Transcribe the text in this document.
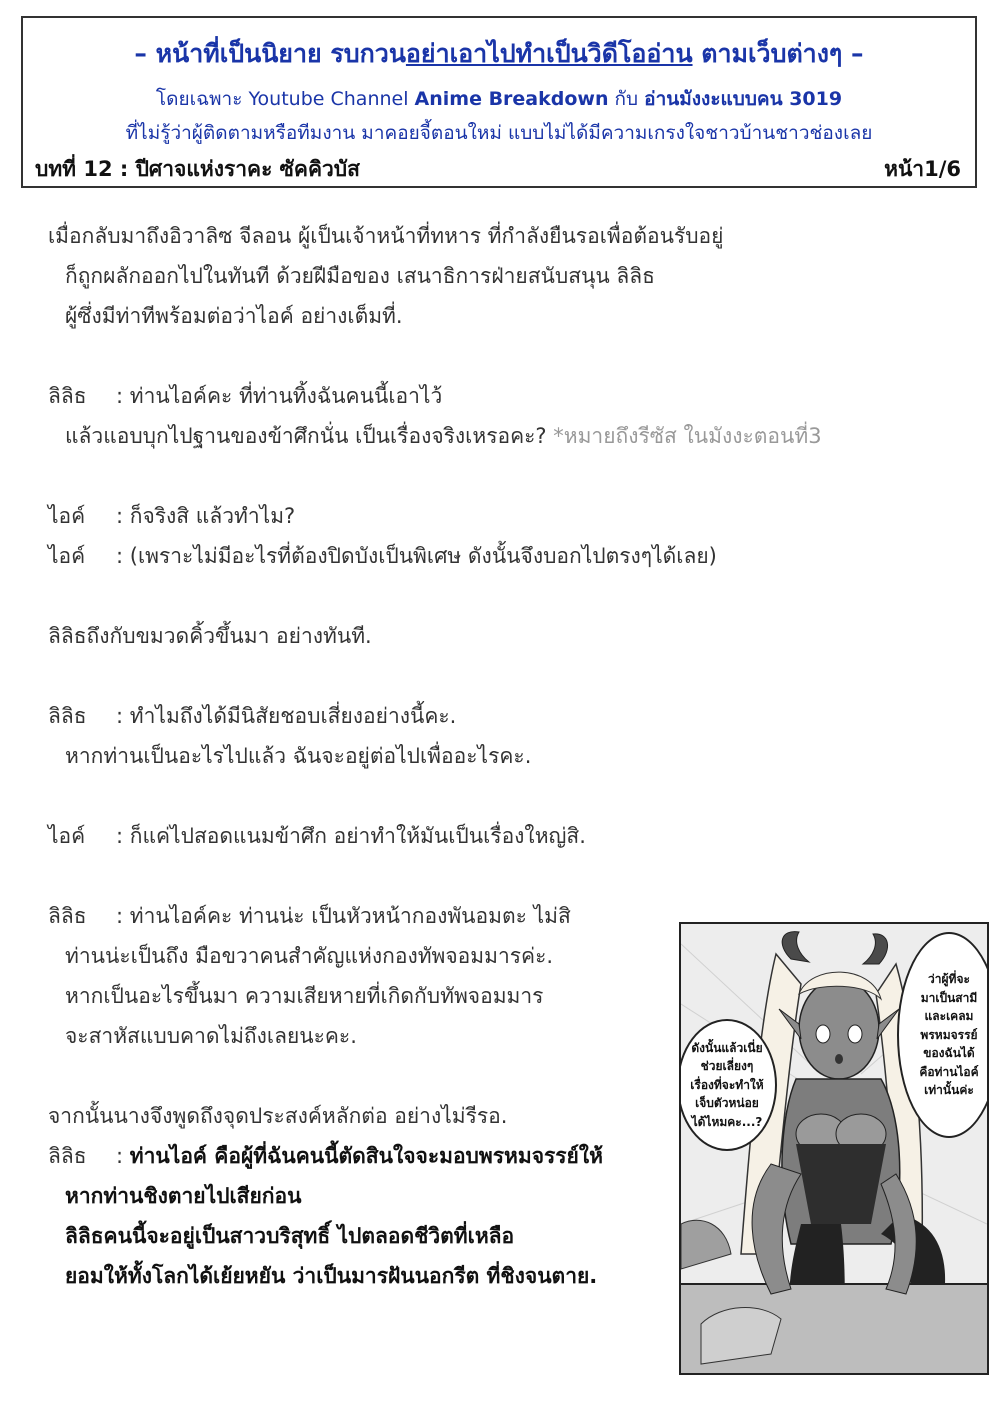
– หน้าที่เป็นนิยาย รบกวนอย่าเอาไปทำเป็นวิดีโออ่าน ตามเว็บต่างๆ –
โดยเฉพาะ Youtube Channel Anime Breakdown กับ อ่านมังงะแบบคน 3019
ที่ไม่รู้ว่าผู้ติดตามหรือทีมงาน มาคอยจี้ตอนใหม่ แบบไม่ได้มีความเกรงใจชาวบ้านชาวช่องเลย
บทที่ 12 : ปีศาจแห่งราคะ ซัคคิวบัส	หน้า1/6
เมื่อกลับมาถึงอิวาลิซ จีลอน ผู้เป็นเจ้าหน้าที่ทหาร ที่กำลังยืนรอเพื่อต้อนรับอยู่
ก็ถูกผลักออกไปในทันที ด้วยฝีมือของ เสนาธิการฝ่ายสนับสนุน ลิลิธ
ผู้ซึ่งมีท่าทีพร้อมต่อว่าไอค์ อย่างเต็มที่.
ลิลิธ : ท่านไอค์คะ ที่ท่านทิ้งฉันคนนี้เอาไว้
แล้วแอบบุกไปฐานของข้าศึกนั่น เป็นเรื่องจริงเหรอคะ? *หมายถึงรีซัส ในมังงะตอนที่3
ไอค์ : ก็จริงสิ แล้วทำไม?
ไอค์ : (เพราะไม่มีอะไรที่ต้องปิดบังเป็นพิเศษ ดังนั้นจึงบอกไปตรงๆได้เลย)
ลิลิธถึงกับขมวดคิ้วขึ้นมา อย่างทันที.
ลิลิธ : ทำไมถึงได้มีนิสัยชอบเสี่ยงอย่างนี้คะ.
หากท่านเป็นอะไรไปแล้ว ฉันจะอยู่ต่อไปเพื่ออะไรคะ.
ไอค์ : ก็แค่ไปสอดแนมข้าศึก อย่าทำให้มันเป็นเรื่องใหญ่สิ.
ลิลิธ : ท่านไอค์คะ ท่านน่ะ เป็นหัวหน้ากองพันอมตะ ไม่สิ
ท่านน่ะเป็นถึง มือขวาคนสำคัญแห่งกองทัพจอมมารค่ะ.
หากเป็นอะไรขึ้นมา ความเสียหายที่เกิดกับทัพจอมมาร
จะสาหัสแบบคาดไม่ถึงเลยนะคะ.
จากนั้นนางจึงพูดถึงจุดประสงค์หลักต่อ อย่างไม่รีรอ.
ลิลิธ : ท่านไอค์ คือผู้ที่ฉันคนนี้ตัดสินใจจะมอบพรหมจรรย์ให้
หากท่านชิงตายไปเสียก่อน
ลิลิธคนนี้จะอยู่เป็นสาวบริสุทธิ์ ไปตลอดชีวิตที่เหลือ
ยอมให้ทั้งโลกได้เย้ยหยัน ว่าเป็นมารฝันนอกรีต ที่ชิงจนตาย.
ดังนั้นแล้วเนี่ย
ช่วยเลี่ยงๆ
เรื่องที่จะทำให้
เจ็บตัวหน่อย
ได้ไหมคะ...?
ว่าผู้ที่จะ
มาเป็นสามี
และเคลม
พรหมจรรย์
ของฉันได้
คือท่านไอค์
เท่านั้นค่ะ
